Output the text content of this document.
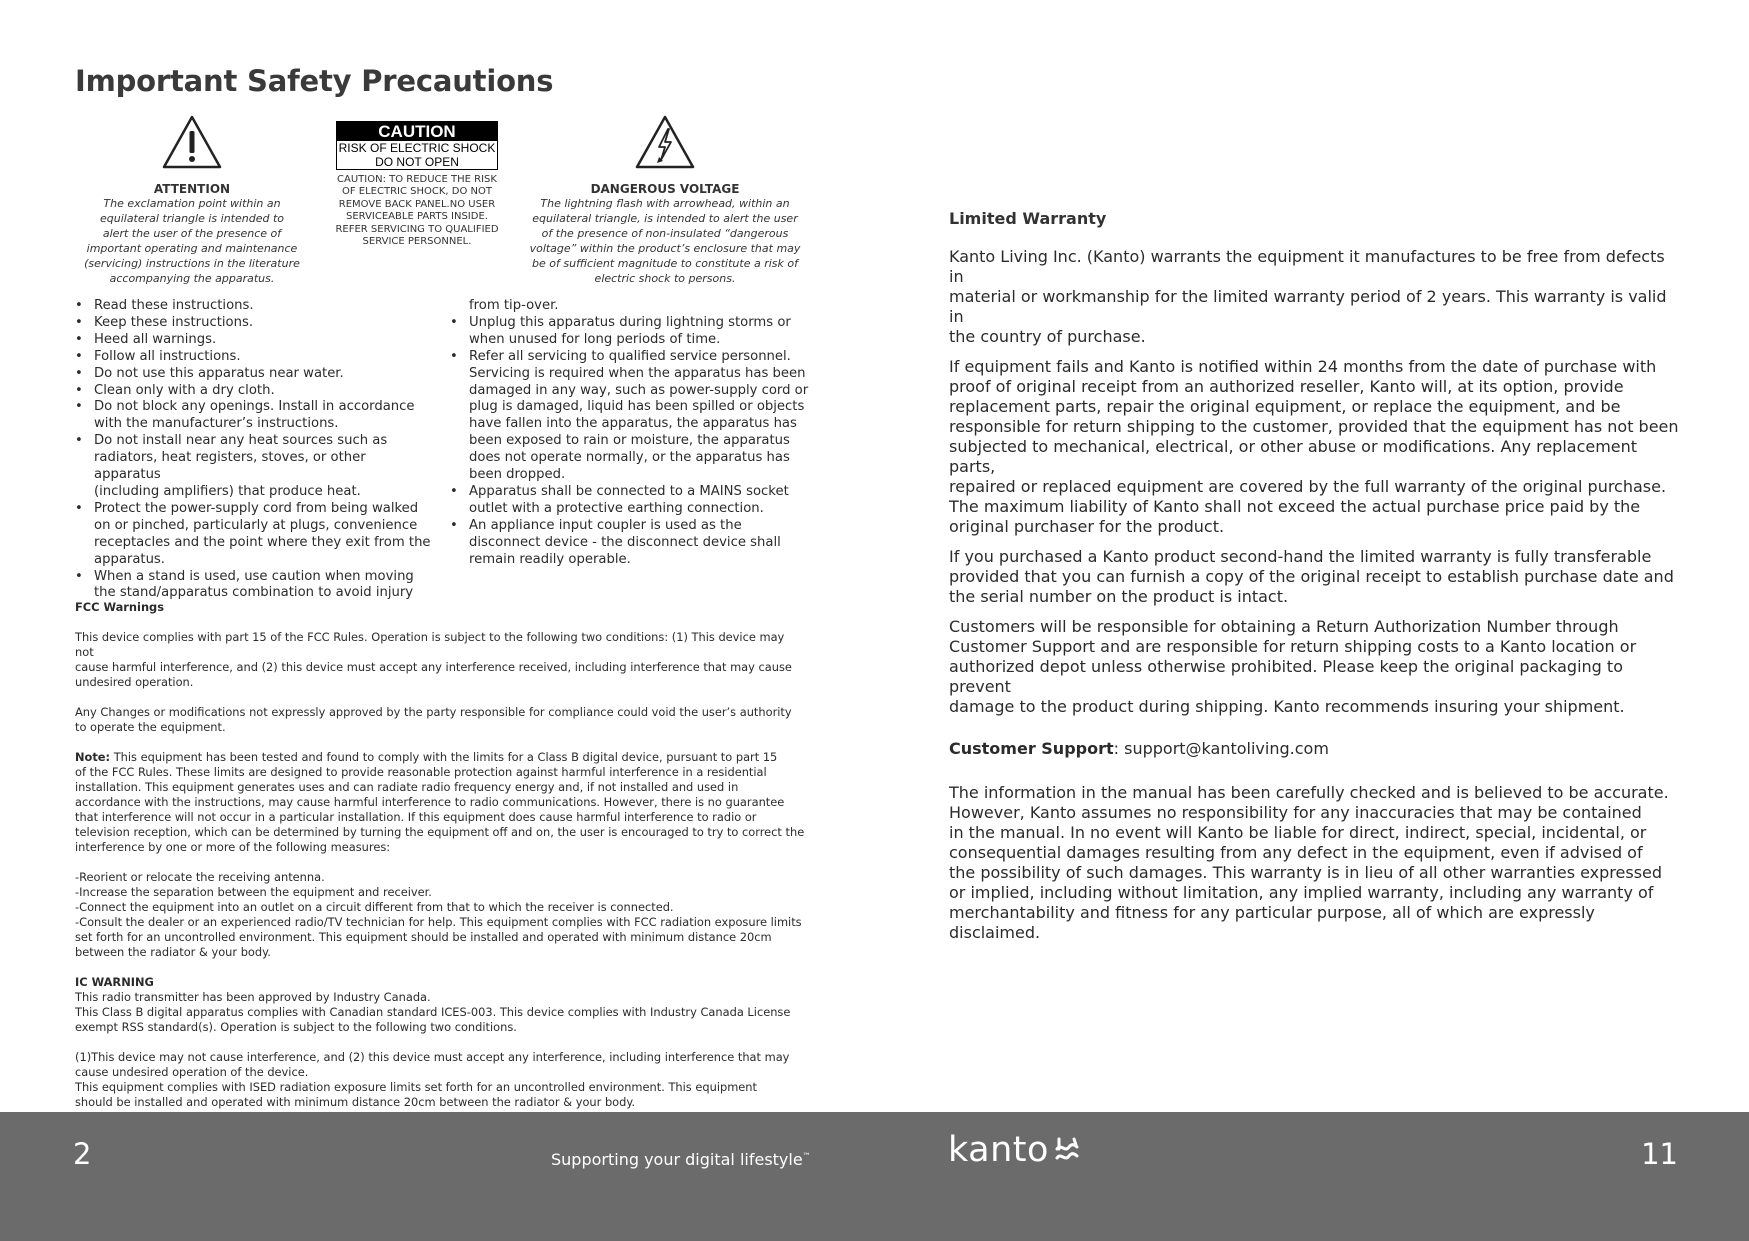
Important Safety Precautions
ATTENTION
The exclamation point within an
equilateral triangle is intended to
alert the user of the presence of
important operating and maintenance
(servicing) instructions in the literature
accompanying the apparatus.
CAUTION
RISK OF ELECTRIC SHOCK
DO NOT OPEN
CAUTION: TO REDUCE THE RISK
OF ELECTRIC SHOCK, DO NOT
REMOVE BACK PANEL.NO USER
SERVICEABLE PARTS INSIDE.
REFER SERVICING TO QUALIFIED
SERVICE PERSONNEL.
DANGEROUS VOLTAGE
The lightning flash with arrowhead, within an
equilateral triangle, is intended to alert the user
of the presence of non-insulated “dangerous
voltage” within the product’s enclosure that may
be of sufficient magnitude to constitute a risk of
electric shock to persons.
• Read these instructions.
• Keep these instructions.
• Heed all warnings.
• Follow all instructions.
• Do not use this apparatus near water.
• Clean only with a dry cloth.
• Do not block any openings. Install in accordance
with the manufacturer’s instructions.
• Do not install near any heat sources such as
radiators, heat registers, stoves, or other apparatus
(including amplifiers) that produce heat.
• Protect the power-supply cord from being walked
on or pinched, particularly at plugs, convenience
receptacles and the point where they exit from the
apparatus.
• When a stand is used, use caution when moving
the stand/apparatus combination to avoid injury
from tip-over.
• Unplug this apparatus during lightning storms or
when unused for long periods of time.
• Refer all servicing to qualified service personnel.
Servicing is required when the apparatus has been
damaged in any way, such as power-supply cord or
plug is damaged, liquid has been spilled or objects
have fallen into the apparatus, the apparatus has
been exposed to rain or moisture, the apparatus
does not operate normally, or the apparatus has
been dropped.
• Apparatus shall be connected to a MAINS socket
outlet with a protective earthing connection.
• An appliance input coupler is used as the
disconnect device - the disconnect device shall
remain readily operable.

FCC Warnings

This device complies with part 15 of the FCC Rules. Operation is subject to the following two conditions: (1) This device may not

cause harmful interference, and (2) this device must accept any interference received, including interference that may cause

undesired operation.

Any Changes or modifications not expressly approved by the party responsible for compliance could void the user’s authority

to operate the equipment.

Note: This equipment has been tested and found to comply with the limits for a Class B digital device, pursuant to part 15

of the FCC Rules. These limits are designed to provide reasonable protection against harmful interference in a residential

installation. This equipment generates uses and can radiate radio frequency energy and, if not installed and used in

accordance with the instructions, may cause harmful interference to radio communications. However, there is no guarantee

that interference will not occur in a particular installation. If this equipment does cause harmful interference to radio or

television reception, which can be determined by turning the equipment off and on, the user is encouraged to try to correct the

interference by one or more of the following measures:

-Reorient or relocate the receiving antenna.

-Increase the separation between the equipment and receiver.

-Connect the equipment into an outlet on a circuit different from that to which the receiver is connected.

-Consult the dealer or an experienced radio/TV technician for help. This equipment complies with FCC radiation exposure limits

set forth for an uncontrolled environment. This equipment should be installed and operated with minimum distance 20cm

between the radiator & your body.

IC WARNING

This radio transmitter has been approved by Industry Canada.

This Class B digital apparatus complies with Canadian standard ICES-003. This device complies with Industry Canada License

exempt RSS standard(s). Operation is subject to the following two conditions.

(1)This device may not cause interference, and (2) this device must accept any interference, including interference that may

cause undesired operation of the device.

This equipment complies with ISED radiation exposure limits set forth for an uncontrolled environment. This equipment

should be installed and operated with minimum distance 20cm between the radiator & your body.

Limited Warranty

Kanto Living Inc. (Kanto) warrants the equipment it manufactures to be free from defects in

material or workmanship for the limited warranty period of 2 years. This warranty is valid in

the country of purchase.

If equipment fails and Kanto is notified within 24 months from the date of purchase with

proof of original receipt from an authorized reseller, Kanto will, at its option, provide

replacement parts, repair the original equipment, or replace the equipment, and be

responsible for return shipping to the customer, provided that the equipment has not been

subjected to mechanical, electrical, or other abuse or modifications. Any replacement parts,

repaired or replaced equipment are covered by the full warranty of the original purchase.

The maximum liability of Kanto shall not exceed the actual purchase price paid by the

original purchaser for the product.

If you purchased a Kanto product second-hand the limited warranty is fully transferable

provided that you can furnish a copy of the original receipt to establish purchase date and

the serial number on the product is intact.

Customers will be responsible for obtaining a Return Authorization Number through

Customer Support and are responsible for return shipping costs to a Kanto location or

authorized depot unless otherwise prohibited. Please keep the original packaging to prevent

damage to the product during shipping. Kanto recommends insuring your shipment.

Customer Support: support@kantoliving.com

The information in the manual has been carefully checked and is believed to be accurate.

However, Kanto assumes no responsibility for any inaccuracies that may be contained

in the manual. In no event will Kanto be liable for direct, indirect, special, incidental, or

consequential damages resulting from any defect in the equipment, even if advised of

the possibility of such damages. This warranty is in lieu of all other warranties expressed

or implied, including without limitation, any implied warranty, including any warranty of

merchantability and fitness for any particular purpose, all of which are expressly disclaimed.

2	Supporting your digital lifestyle™	kanto	11
